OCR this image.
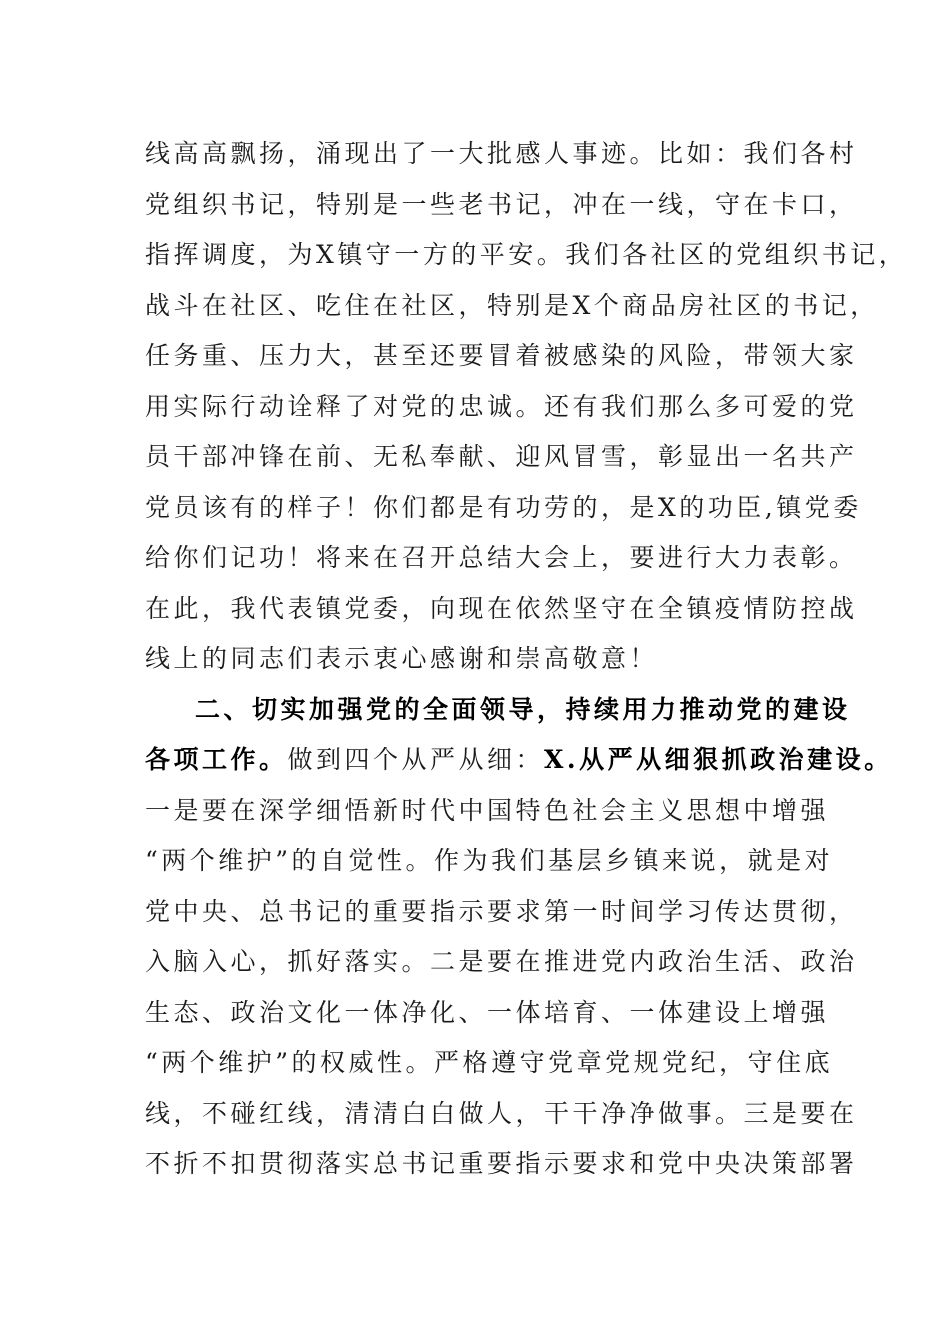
线高高飘扬，涌现出了一大批感人事迹。比如：我们各村
党组织书记，特别是一些老书记，冲在一线，守在卡口，
指挥调度，为X镇守一方的平安。我们各社区的党组织书记，
战斗在社区、吃住在社区，特别是X个商品房社区的书记，
任务重、压力大，甚至还要冒着被感染的风险，带领大家
用实际行动诠释了对党的忠诚。还有我们那么多可爱的党
员干部冲锋在前、无私奉献、迎风冒雪，彰显出一名共产
党员该有的样子！你们都是有功劳的，是X的功臣,镇党委
给你们记功！将来在召开总结大会上，要进行大力表彰。
在此，我代表镇党委，向现在依然坚守在全镇疫情防控战
线上的同志们表示衷心感谢和崇高敬意！
二、切实加强党的全面领导，持续用力推动党的建设
各项工作。做到四个从严从细：X.从严从细狠抓政治建设。
一是要在深学细悟新时代中国特色社会主义思想中增强
“两个维护”的自觉性。作为我们基层乡镇来说，就是对
党中央、总书记的重要指示要求第一时间学习传达贯彻，
入脑入心，抓好落实。二是要在推进党内政治生活、政治
生态、政治文化一体净化、一体培育、一体建设上增强
“两个维护”的权威性。严格遵守党章党规党纪，守住底
线，不碰红线，清清白白做人，干干净净做事。三是要在
不折不扣贯彻落实总书记重要指示要求和党中央决策部署
